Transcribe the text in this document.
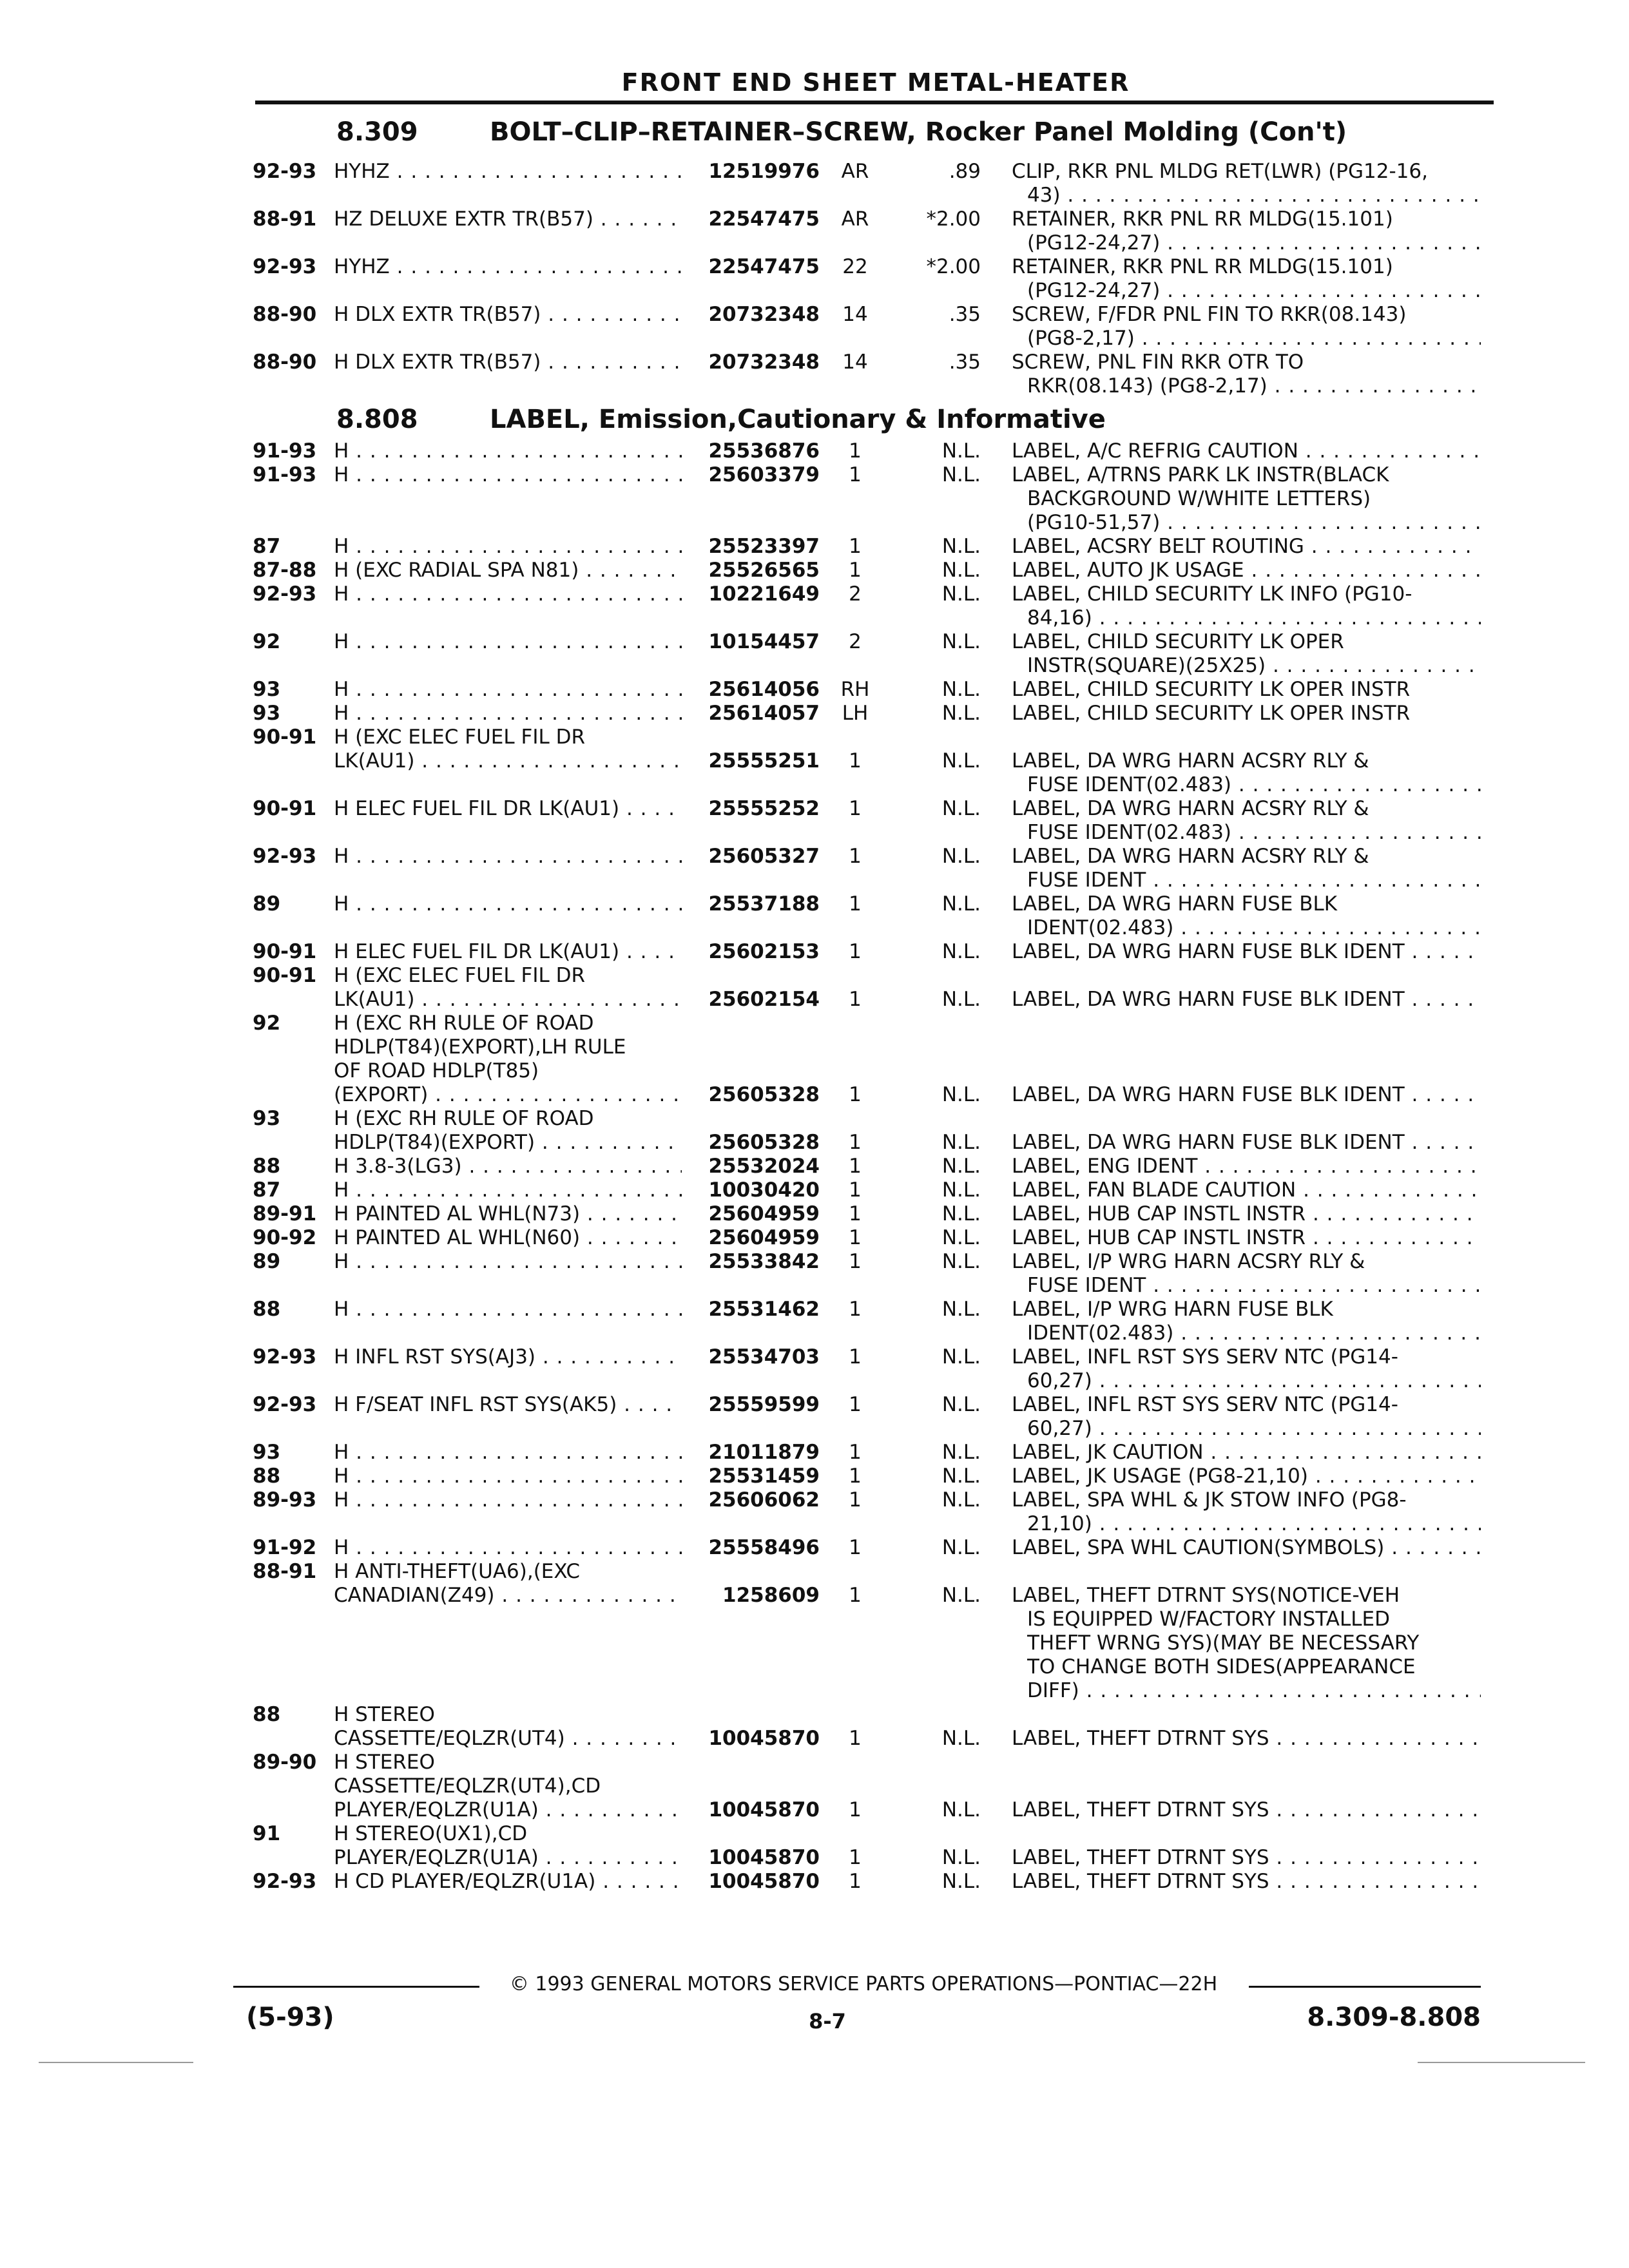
FRONT END SHEET METAL-HEATER
8.309	BOLT–CLIP–RETAINER–SCREW, Rocker Panel Molding (Con't)
8.808	LABEL, Emission,Cautionary & Informative
92-93 HYHZ . . .	12519976	AR	.89 CLIP, RKR PNL MLDG RET(LWR) (PG12-16,
43) . . .
88-91 HZ DELUXE EXTR TR(B57) . . .	22547475	AR	*2.00 RETAINER, RKR PNL RR MLDG(15.101)
(PG12-24,27) . . .
92-93 HYHZ . . .	22547475	22	*2.00 RETAINER, RKR PNL RR MLDG(15.101)
(PG12-24,27) . . .
88-90 H DLX EXTR TR(B57) . . .	20732348	14	.35 SCREW, F/FDR PNL FIN TO RKR(08.143)
(PG8-2,17) . . .
88-90 H DLX EXTR TR(B57) . . .	20732348	14	.35 SCREW, PNL FIN RKR OTR TO
RKR(08.143) (PG8-2,17) . . .
91-93 H . . .	25536876	1	N.L. LABEL, A/C REFRIG CAUTION . . .
91-93 H . . .	25603379	1	N.L. LABEL, A/TRNS PARK LK INSTR(BLACK
BACKGROUND W/WHITE LETTERS)
(PG10-51,57) . . .
87	H . . .	25523397	1	N.L. LABEL, ACSRY BELT ROUTING . . .
87-88 H (EXC RADIAL SPA N81) . . .	25526565	1	N.L. LABEL, AUTO JK USAGE . . .
92-93 H . . .	10221649	2	N.L. LABEL, CHILD SECURITY LK INFO (PG10-
84,16) . . .
92	H . . .	10154457	2	N.L. LABEL, CHILD SECURITY LK OPER
INSTR(SQUARE)(25X25) . . .
93	H . . .	25614056	RH	N.L. LABEL, CHILD SECURITY LK OPER INSTR
93	H . . .	25614057	LH	N.L. LABEL, CHILD SECURITY LK OPER INSTR
90-91 H (EXC ELEC FUEL FIL DR
LK(AU1) . . .	25555251	1	N.L. LABEL, DA WRG HARN ACSRY RLY &
FUSE IDENT(02.483) . . .
90-91 H ELEC FUEL FIL DR LK(AU1) . . .	25555252	1	N.L. LABEL, DA WRG HARN ACSRY RLY &
FUSE IDENT(02.483) . . .
92-93 H . . .	25605327	1	N.L. LABEL, DA WRG HARN ACSRY RLY &
FUSE IDENT . . .
89	H . . .	25537188	1	N.L. LABEL, DA WRG HARN FUSE BLK
IDENT(02.483) . . .
90-91 H ELEC FUEL FIL DR LK(AU1) . . .	25602153	1	N.L. LABEL, DA WRG HARN FUSE BLK IDENT . . .
90-91 H (EXC ELEC FUEL FIL DR
LK(AU1) . . .	25602154	1	N.L. LABEL, DA WRG HARN FUSE BLK IDENT . . .
92	H (EXC RH RULE OF ROAD
HDLP(T84)(EXPORT),LH RULE
OF ROAD HDLP(T85)
(EXPORT) . . .	25605328	1	N.L. LABEL, DA WRG HARN FUSE BLK IDENT . . .
93	H (EXC RH RULE OF ROAD
HDLP(T84)(EXPORT) . . .	25605328	1	N.L. LABEL, DA WRG HARN FUSE BLK IDENT . . .
88	H 3.8-3(LG3) . . .	25532024	1	N.L. LABEL, ENG IDENT . . .
87	H . . .	10030420	1	N.L. LABEL, FAN BLADE CAUTION . . .
89-91 H PAINTED AL WHL(N73) . . .	25604959	1	N.L. LABEL, HUB CAP INSTL INSTR . . .
90-92 H PAINTED AL WHL(N60) . . .	25604959	1	N.L. LABEL, HUB CAP INSTL INSTR . . .
89	H . . .	25533842	1	N.L. LABEL, I/P WRG HARN ACSRY RLY &
FUSE IDENT . . .
88	H . . .	25531462	1	N.L. LABEL, I/P WRG HARN FUSE BLK
IDENT(02.483) . . .
92-93 H INFL RST SYS(AJ3) . . .	25534703	1	N.L. LABEL, INFL RST SYS SERV NTC (PG14-
60,27) . . .
92-93 H F/SEAT INFL RST SYS(AK5) . . .	25559599	1	N.L. LABEL, INFL RST SYS SERV NTC (PG14-
60,27) . . .
93	H . . .	21011879	1	N.L. LABEL, JK CAUTION . . .
88	H . . .	25531459	1	N.L. LABEL, JK USAGE (PG8-21,10) . . .
89-93 H . . .	25606062	1	N.L. LABEL, SPA WHL & JK STOW INFO (PG8-
21,10) . . .
91-92 H . . .	25558496	1	N.L. LABEL, SPA WHL CAUTION(SYMBOLS) . . .
88-91 H ANTI-THEFT(UA6),(EXC
CANADIAN(Z49) . . .	1258609	1	N.L. LABEL, THEFT DTRNT SYS(NOTICE-VEH
IS EQUIPPED W/FACTORY INSTALLED
THEFT WRNG SYS)(MAY BE NECESSARY
TO CHANGE BOTH SIDES(APPEARANCE
DIFF) . . .
88	H STEREO
CASSETTE/EQLZR(UT4) . . .	10045870	1	N.L. LABEL, THEFT DTRNT SYS . . .
89-90 H STEREO
CASSETTE/EQLZR(UT4),CD
PLAYER/EQLZR(U1A) . . .	10045870	1	N.L. LABEL, THEFT DTRNT SYS . . .
91	H STEREO(UX1),CD
PLAYER/EQLZR(U1A) . . .	10045870	1	N.L. LABEL, THEFT DTRNT SYS . . .
92-93 H CD PLAYER/EQLZR(U1A) . . .	10045870	1	N.L. LABEL, THEFT DTRNT SYS . . .
© 1993 GENERAL MOTORS SERVICE PARTS OPERATIONS—PONTIAC—22H
(5-93)	8-7	8.309-8.808
